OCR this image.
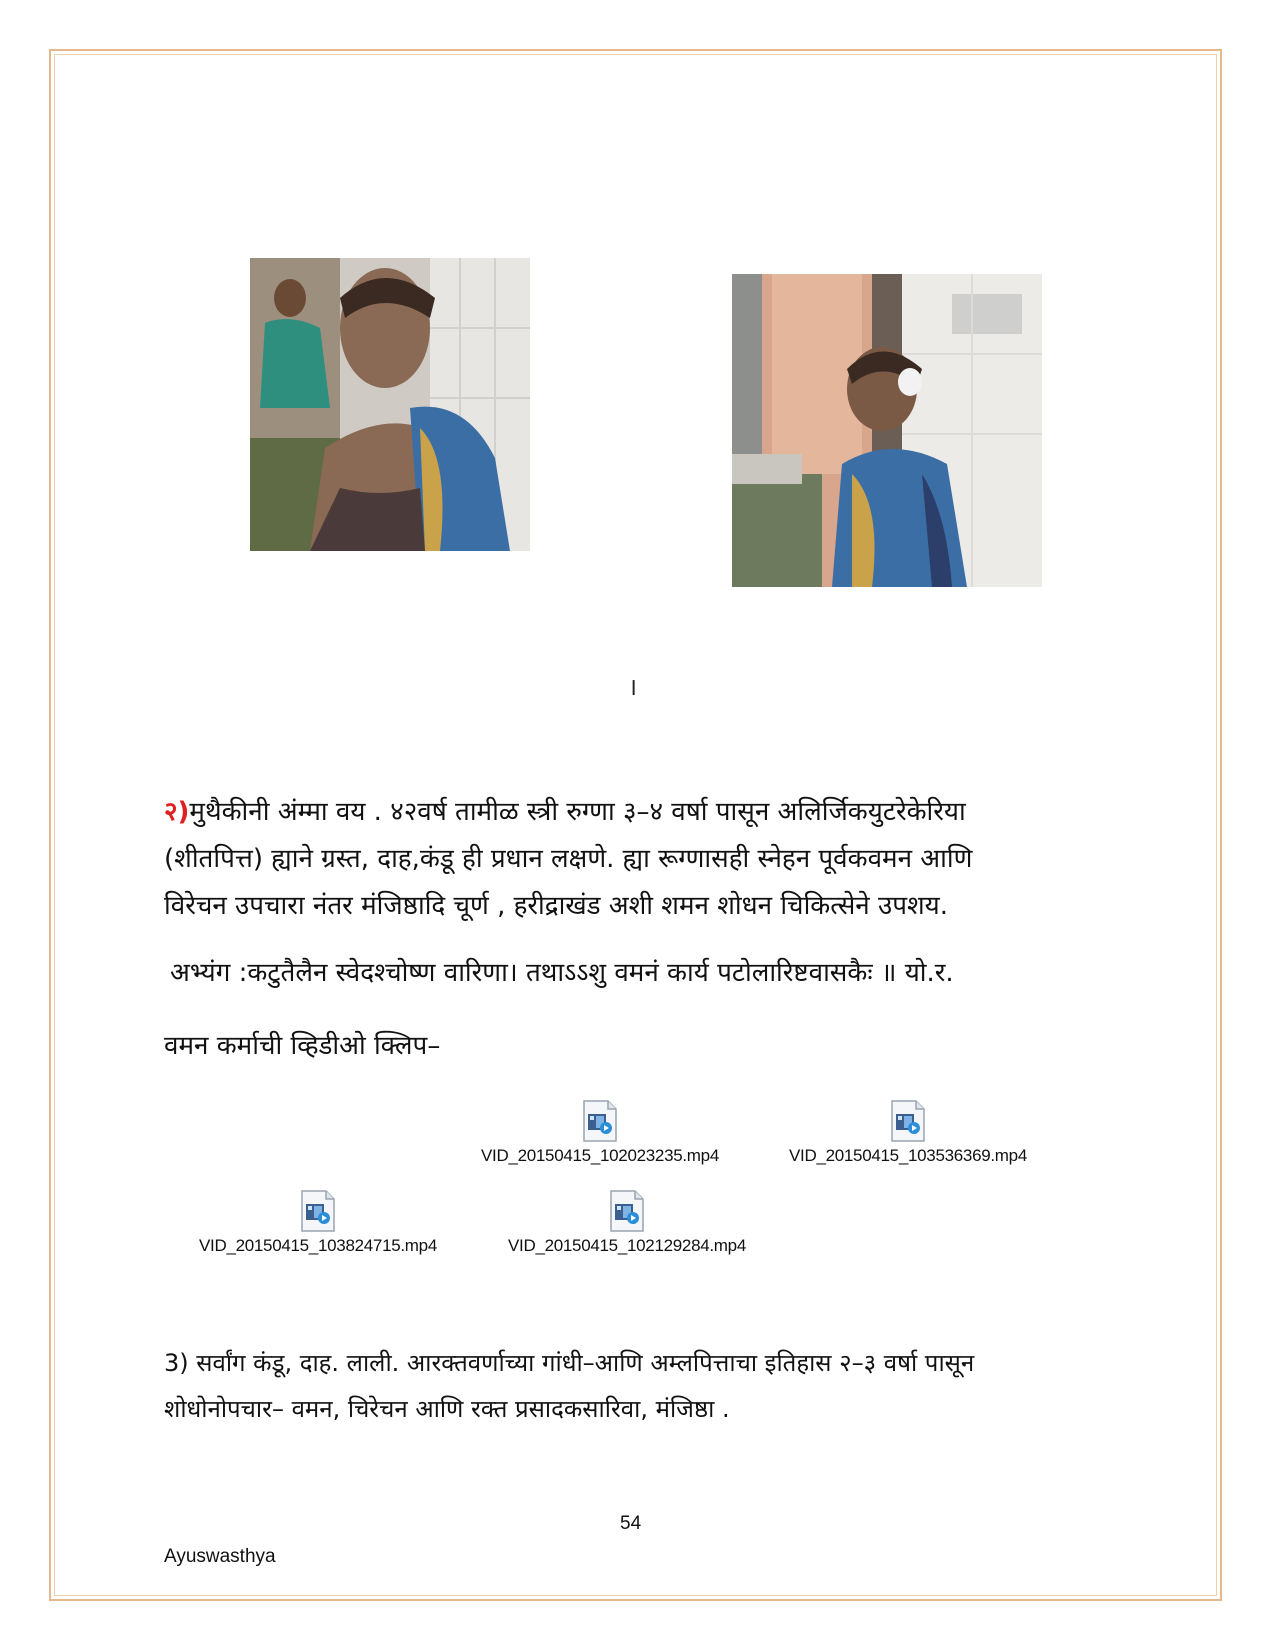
।
२)मुथैकीनी अंम्मा वय . ४२वर्ष तामीळ स्त्री रुग्णा ३–४ वर्षा पासून अलिर्जिकयुटरेकेरिया
(शीतपित्त) ह्याने ग्रस्त, दाह,कंडू ही प्रधान लक्षणे. ह्या रूग्णासही स्नेहन पूर्वकवमन आणि
विरेचन उपचारा नंतर मंजिष्ठादि चूर्ण , हरीद्राखंड अशी शमन शोधन चिकित्सेने उपशय.
अभ्यंग :कटुतैलैन स्वेदश्चोष्ण वारिणा। तथाऽऽशु वमनं कार्य पटोलारिष्टवासकैः ॥ यो.र.
वमन कर्माची व्हिडीओ क्लिप–
VID_20150415_102023235.mp4	VID_20150415_103536369.mp4
VID_20150415_103824715.mp4	VID_20150415_102129284.mp4
3) सर्वांग कंडू, दाह. लाली. आरक्तवर्णाच्या गांधी–आणि अम्लपित्ताचा इतिहास २–३ वर्षा पासून
शोधोनोपचार– वमन, चिरेचन आणि रक्त प्रसादकसारिवा, मंजिष्ठा .
54
Ayuswasthya
